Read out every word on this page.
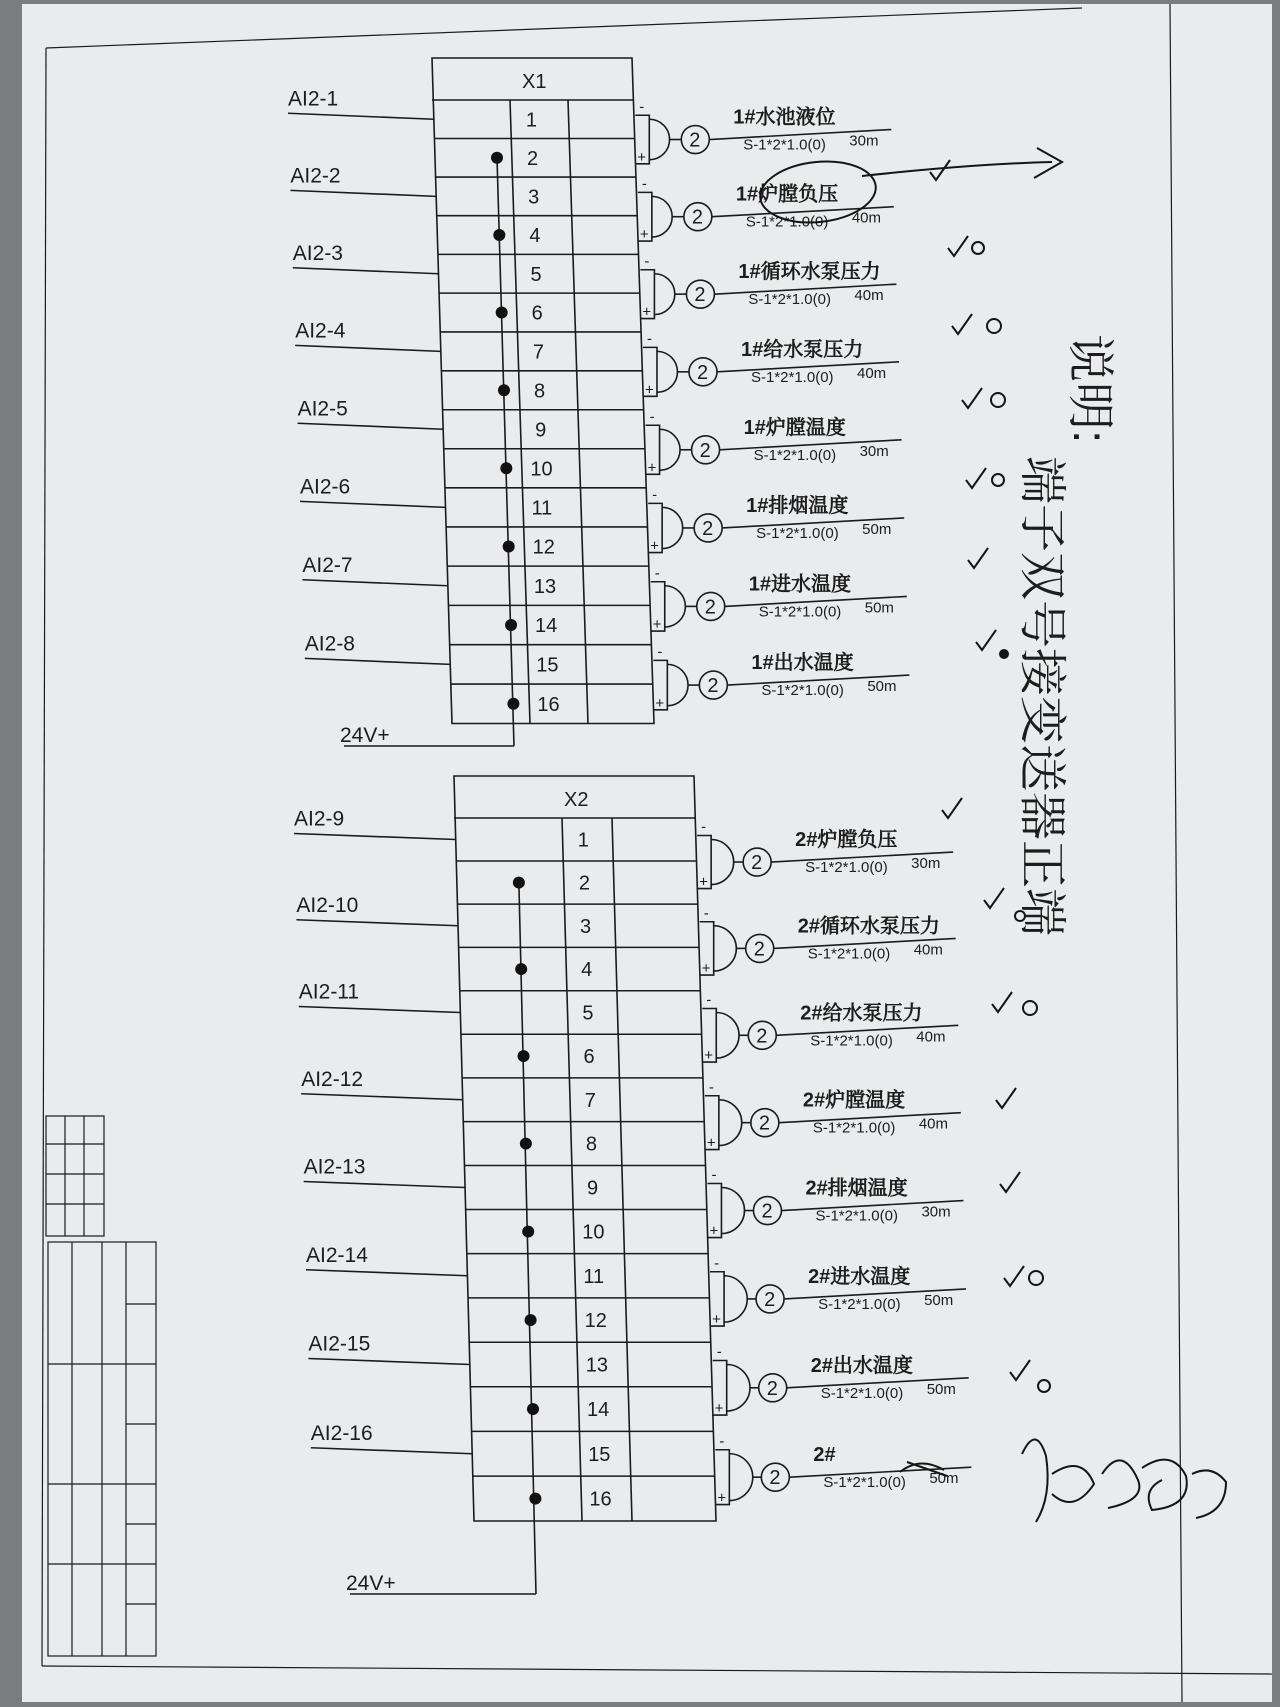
X1
24V+
1
2
3
4
5
6
7
8
9
10
11
12
13
14
15
16
AI2-1	-
+
2
1#水池液位
S-1*2*1.0(0) 30m
AI2-2	-
+
2
1#炉膛负压
S-1*2*1.0(0) 40m
AI2-3	-
+
2
1#循环水泵压力
S-1*2*1.0(0) 40m
AI2-4	-
+
2
1#给水泵压力
S-1*2*1.0(0) 40m
AI2-5	-
+
2
1#炉膛温度
S-1*2*1.0(0) 30m
AI2-6	-
+
2
1#排烟温度
S-1*2*1.0(0) 50m
AI2-7	-
+
2
1#进水温度
S-1*2*1.0(0) 50m
AI2-8	-
+
2
1#出水温度
S-1*2*1.0(0) 50m
X2
24V+
1
2
3
4
5
6
7
8
9
10
11
12
13
14
15
16
AI2-9	-
+
2
2#炉膛负压
S-1*2*1.0(0) 30m
AI2-10	-
+
2
2#循环水泵压力
S-1*2*1.0(0) 40m
AI2-11	-
+
2
2#给水泵压力
S-1*2*1.0(0) 40m
AI2-12	-
+
2
2#炉膛温度
S-1*2*1.0(0) 40m
AI2-13	-
+
2
2#排烟温度
S-1*2*1.0(0) 30m
AI2-14	-
+
2
2#进水温度
S-1*2*1.0(0) 50m
AI2-15	-
+
2
2#出水温度
S-1*2*1.0(0) 50m
AI2-16	-
+
2
2#
S-1*2*1.0(0) 50m
说明:
端子双号接变送器正端
